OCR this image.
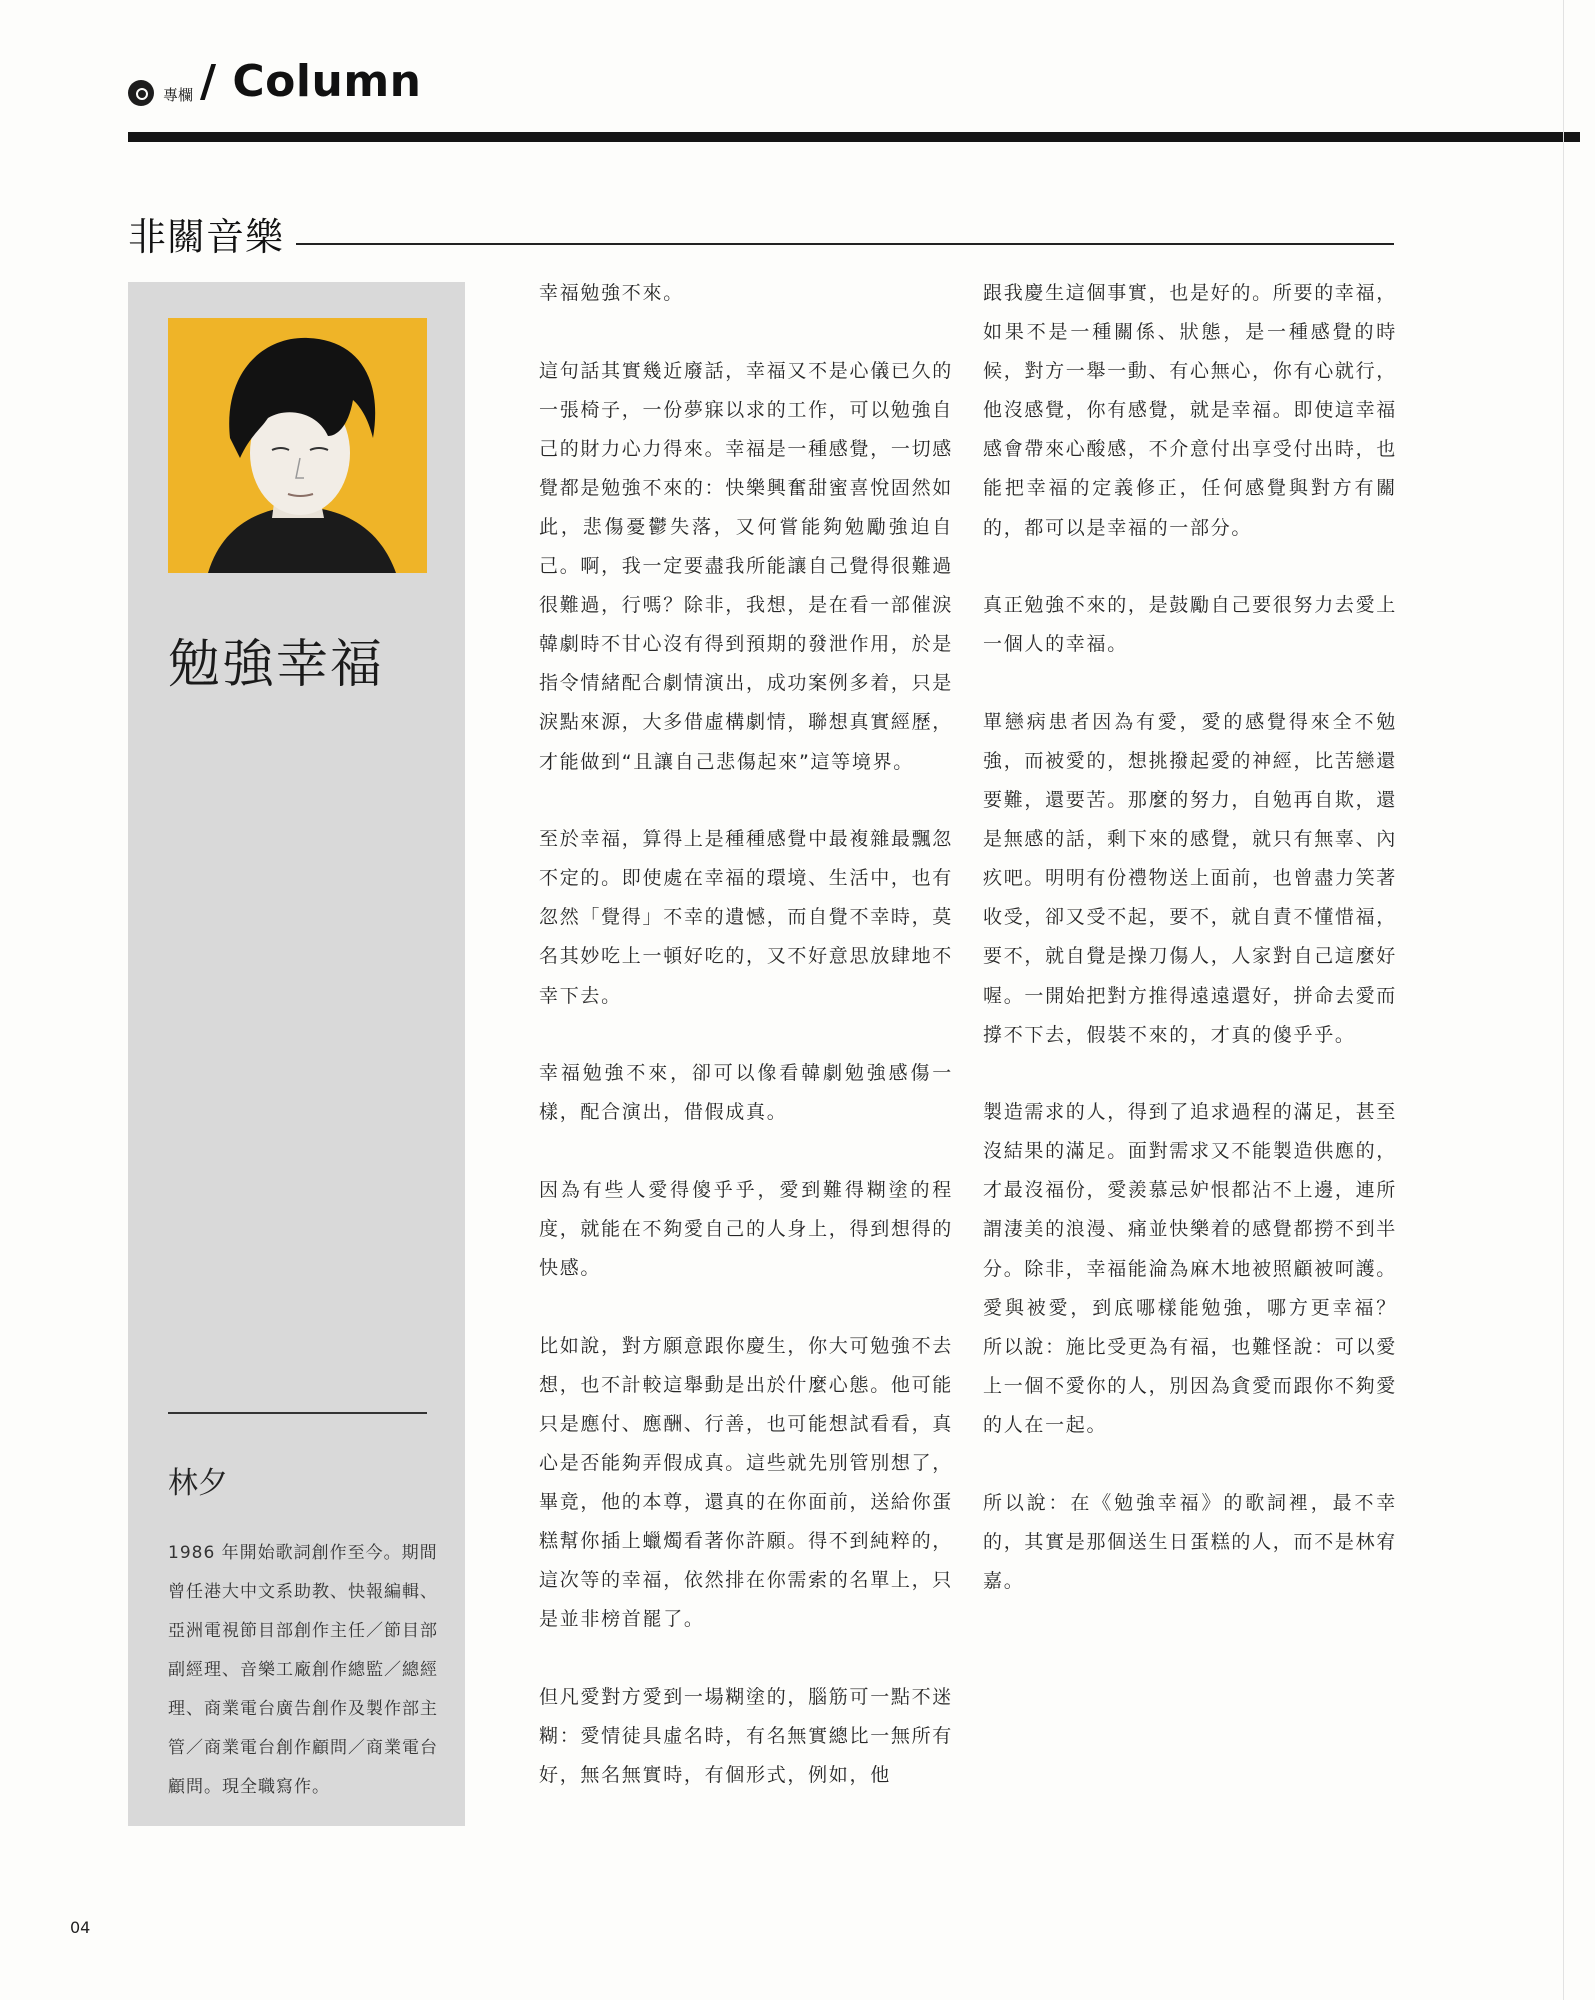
專欄 / Column
非關音樂
勉強幸福
林夕

1986 年開始歌詞創作至今。期間曾任港大中文系助教、快報編輯、亞洲電視節目部創作主任／節目部副經理、音樂工廠創作總監／總經理、商業電台廣告創作及製作部主管／商業電台創作顧問／商業電台顧問。現全職寫作。

幸福勉強不來。

這句話其實幾近廢話，幸福又不是心儀已久的一張椅子，一份夢寐以求的工作，可以勉強自己的財力心力得來。幸福是一種感覺，一切感覺都是勉強不來的：快樂興奮甜蜜喜悅固然如此，悲傷憂鬱失落，又何嘗能夠勉勵強迫自己。啊，我一定要盡我所能讓自己覺得很難過很難過，行嗎？除非，我想，是在看一部催淚韓劇時不甘心沒有得到預期的發泄作用，於是指令情緒配合劇情演出，成功案例多着，只是淚點來源，大多借虛構劇情，聯想真實經歷，才能做到“且讓自己悲傷起來”這等境界。

至於幸福，算得上是種種感覺中最複雜最飄忽不定的。即使處在幸福的環境、生活中，也有忽然「覺得」不幸的遺憾，而自覺不幸時，莫名其妙吃上一頓好吃的，又不好意思放肆地不幸下去。

幸福勉強不來，卻可以像看韓劇勉強感傷一樣，配合演出，借假成真。

因為有些人愛得傻乎乎，愛到難得糊塗的程度，就能在不夠愛自己的人身上，得到想得的快感。

比如說，對方願意跟你慶生，你大可勉強不去想，也不計較這舉動是出於什麼心態。他可能只是應付、應酬、行善，也可能想試看看，真心是否能夠弄假成真。這些就先別管別想了，畢竟，他的本尊，還真的在你面前，送給你蛋糕幫你插上蠟燭看著你許願。得不到純粹的，這次等的幸福，依然排在你需索的名單上，只是並非榜首罷了。

但凡愛對方愛到一場糊塗的，腦筋可一點不迷糊：愛情徒具虛名時，有名無實總比一無所有好，無名無實時，有個形式，例如，他

跟我慶生這個事實，也是好的。所要的幸福，如果不是一種關係、狀態，是一種感覺的時候，對方一舉一動、有心無心，你有心就行，他沒感覺，你有感覺，就是幸福。即使這幸福感會帶來心酸感，不介意付出享受付出時，也能把幸福的定義修正，任何感覺與對方有關的，都可以是幸福的一部分。

真正勉強不來的，是鼓勵自己要很努力去愛上一個人的幸福。

單戀病患者因為有愛，愛的感覺得來全不勉強，而被愛的，想挑撥起愛的神經，比苦戀還要難，還要苦。那麼的努力，自勉再自欺，還是無感的話，剩下來的感覺，就只有無辜、內疚吧。明明有份禮物送上面前，也曾盡力笑著收受，卻又受不起，要不，就自責不懂惜福，要不，就自覺是操刀傷人，人家對自己這麼好喔。一開始把對方推得遠遠還好，拼命去愛而撐不下去，假裝不來的，才真的傻乎乎。

製造需求的人，得到了追求過程的滿足，甚至沒結果的滿足。面對需求又不能製造供應的，才最沒福份，愛羨慕忌妒恨都沾不上邊，連所謂淒美的浪漫、痛並快樂着的感覺都撈不到半分。除非，幸福能淪為麻木地被照顧被呵護。愛與被愛，到底哪樣能勉強，哪方更幸福？　所以說：施比受更為有福，也難怪說：可以愛上一個不愛你的人，別因為貪愛而跟你不夠愛的人在一起。

所以說：在《勉強幸福》的歌詞裡，最不幸的，其實是那個送生日蛋糕的人，而不是林宥嘉。

04
